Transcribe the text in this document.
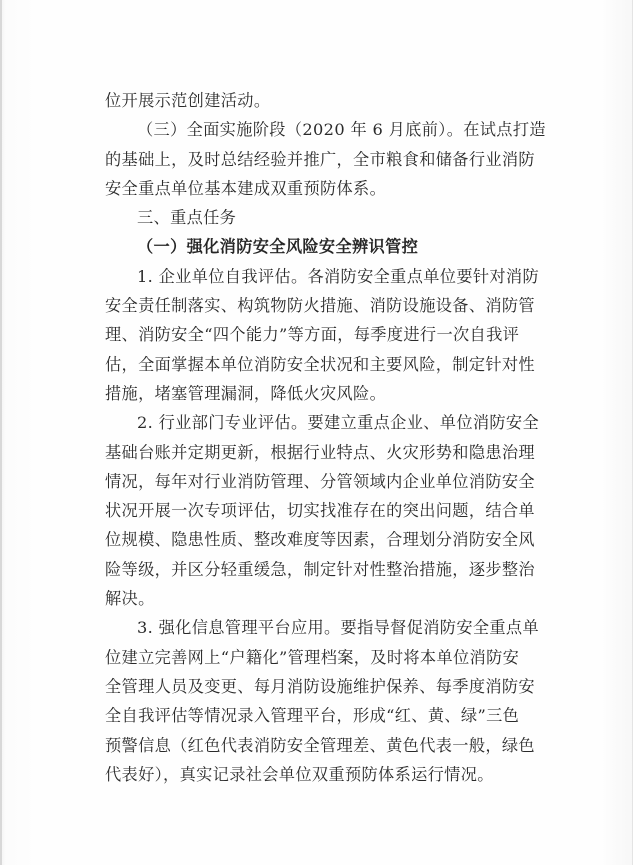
位开展示范创建活动。
（三）全面实施阶段（2020 年 6 月底前）。在试点打造
的基础上，及时总结经验并推广，全市粮食和储备行业消防
安全重点单位基本建成双重预防体系。
三、重点任务
（一）强化消防安全风险安全辨识管控
1. 企业单位自我评估。各消防安全重点单位要针对消防
安全责任制落实、构筑物防火措施、消防设施设备、消防管
理、消防安全“四个能力”等方面，每季度进行一次自我评
估，全面掌握本单位消防安全状况和主要风险，制定针对性
措施，堵塞管理漏洞，降低火灾风险。
2. 行业部门专业评估。要建立重点企业、单位消防安全
基础台账并定期更新，根据行业特点、火灾形势和隐患治理
情况，每年对行业消防管理、分管领域内企业单位消防安全
状况开展一次专项评估，切实找准存在的突出问题，结合单
位规模、隐患性质、整改难度等因素，合理划分消防安全风
险等级，并区分轻重缓急，制定针对性整治措施，逐步整治
解决。
3. 强化信息管理平台应用。要指导督促消防安全重点单
位建立完善网上“户籍化”管理档案，及时将本单位消防安
全管理人员及变更、每月消防设施维护保养、每季度消防安
全自我评估等情况录入管理平台，形成“红、黄、绿”三色
预警信息（红色代表消防安全管理差、黄色代表一般，绿色
代表好），真实记录社会单位双重预防体系运行情况。
